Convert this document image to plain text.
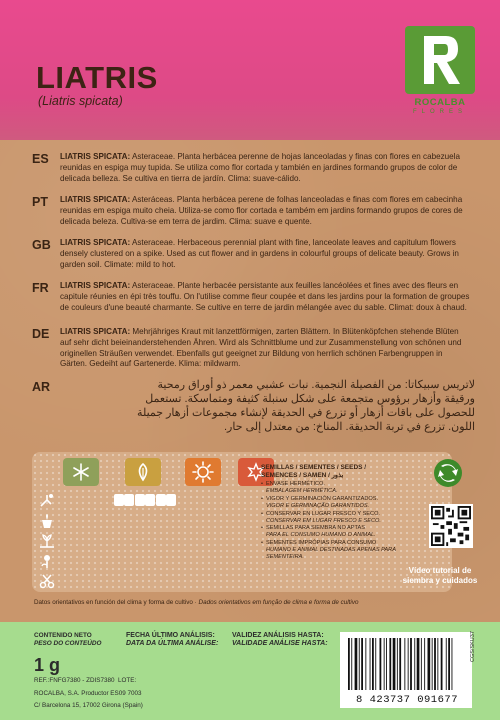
LIATRIS
(Liatris spicata)	ROCALBA
FLORES
ES LIATRIS SPICATA: Asteraceae. Planta herbácea perenne de hojas lanceoladas y finas con flores en cabezuela reunidas en espiga muy tupida. Se utiliza como flor cortada y también en jardines formando grupos de color de delicada belleza. Se cultiva en tierra de jardín. Clima: suave-cálido.
PT LIATRIS SPICATA: Asteráceas. Planta herbácea perene de folhas lanceoladas e finas com flores em cabecinha reunidas em espiga muito cheia. Utiliza-se como flor cortada e também em jardins formando grupos de cores de delicada beleza. Cultiva-se em terra de jardim. Clima: suave e quente.
GB LIATRIS SPICATA: Asteraceae. Herbaceous perennial plant with fine, lanceolate leaves and capitulum flowers densely clustered on a spike. Used as cut flower and in gardens in colourful groups of delicate beauty. Grows in garden soil. Climate: mild to hot.
FR LIATRIS SPICATA: Asteraceae. Plante herbacée persistante aux feuilles lancéolées et fines avec des fleurs en capitule réunies en épi très touffu. On l'utilise comme fleur coupée et dans les jardins pour la formation de groupes de couleurs d'une beauté charmante. Se cultive en terre de jardin mélangée avec du sable. Climat: doux à chaud.
DE LIATRIS SPICATA: Mehrjähriges Kraut mit lanzettförmigen, zarten Blättern. In Blütenköpfchen stehende Blüten auf sehr dicht beieinanderstehenden Ähren. Wird als Schnittblume und zur Zusammenstellung von schönen und originellen Sträußen verwendet. Ebenfalls gut geeignet zur Bildung von herrlich schönen Farbengruppen in Gärten. Gedeiht auf Gartenerde. Klima: mildwarm.
AR	لاتريس سبيكاتا: من الفصيلة النجمية. نبات عشبي معمر ذو أوراق رمحية ورقيقة وأزهار برؤوس متجمعة على شكل سنبلة كثيفة ومتماسكة. تستعمل للحصول على باقات أزهار أو تزرع في الحديقة لإنشاء مجموعات أزهار جميلة اللون. تزرع في تربة الحديقة. المناخ: من معتدل إلى حار.
SEMILLAS / SEMENTES / SEEDS /
SEMENCES / SAMEN / بذور
• ENVASE HERMÉTICO.
EMBALAGEM HERMÉTICA.
• VIGOR Y GERMINACIÓN GARANTIZADOS.
VIGOR E GERMINAÇÃO GARANTIDOS.
• CONSERVAR EN LUGAR FRESCO Y SECO.
CONSERVAR EM LUGAR FRESCO E SECO.
• SEMILLAS PARA SIEMBRA NO APTAS
PARA EL CONSUMO HUMANO O ANIMAL.
• SEMENTES IMPRÓPIAS PARA CONSUMO
HUMANO E ANIMAL DESTINADAS APENAS PARA SEMENTEIRA.
Vídeo tutorial de
siembra y cuidados
Datos orientativos en función del clima y forma de cultivo · Dados orientativos em função de clima e forma de cultivo
CONTENIDO NETO
PESO DO CONTEÚDO
1 g
FECHA ÚLTIMO ANÁLISIS:
DATA DA ÚLTIMA ANÁLISE:
VALIDEZ ANÁLISIS HASTA:
VALIDADE ANÁLISE HASTA:
REF.:FNFG7380 - ZDIS7380 LOTE:
ROCALBA, S.A. Productor ES09 7003
C/ Barcelona 15, 17002 Girona (Spain)	8 423737 091677
CGS/SKU37
